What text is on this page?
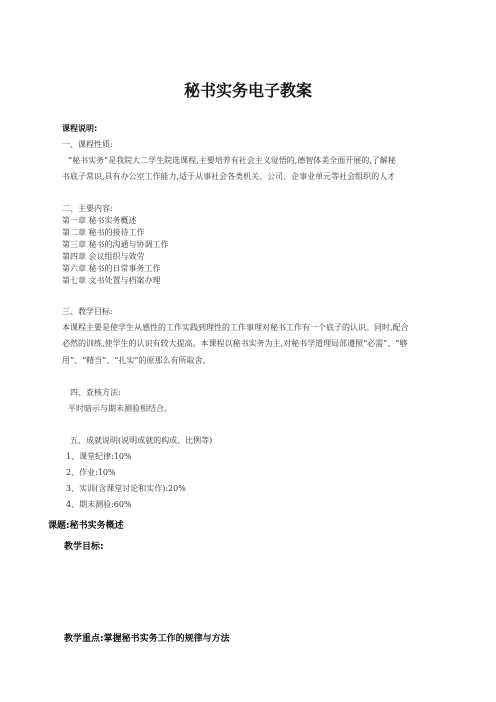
秘书实务电子教案
课程说明:
一、课程性质:
“秘书实务”是我院大二学生院选课程,主要培养有社会主义觉悟的,德智体美全面开展的,了解秘
书底子常识,具有办公室工作能力,适于从事社会各类机关、公司、企事业单元等社会组织的人才
二、主要内容:
第一章 秘书实务概述
第二章 秘书的接待工作
第三章 秘书的沟通与协调工作
第四章 会议组织与效劳
第六章 秘书的日常事务工作
第七章 文书处置与档案办理
三、教学目标:
本课程主要是使学生从感性的工作实践到理性的工作事理对秘书工作有一个底子的认识。同时,配合
必然的训练,使学生的认识有较大提高。本课程以秘书实务为主,对秘书学道理局部遵照“必需”、“够
用”、“精当”、“扎实”的原那么有所取舍。
四、查核方法:
平时暗示与期末测验相结合。
五、成就说明(说明成就的构成、比例等)
1、课堂纪律:10%
2、作业:10%
3、实训(含课堂讨论和实作):20%
4、期末测验:60%
课题:秘书实务概述
教学目标:
教学重点:掌握秘书实务工作的规律与方法
